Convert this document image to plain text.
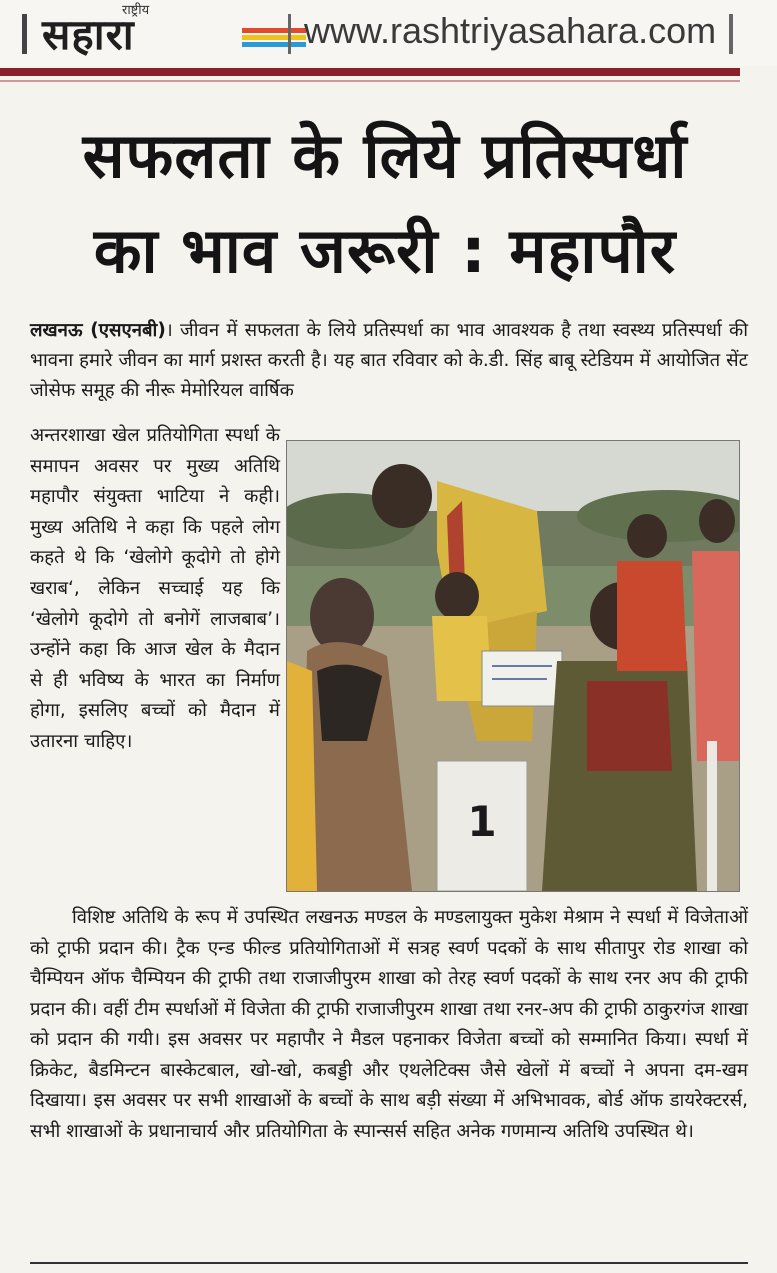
राष्ट्रीय
सहारा	www.rashtriyasahara.com
सफलता के लिये प्रतिस्पर्धा
का भाव जरूरी : महापौर
लखनऊ (एसएनबी)। जीवन में सफलता के लिये प्रतिस्पर्धा का भाव आवश्यक है तथा स्वस्थ्य प्रतिस्पर्धा की भावना हमारे जीवन का मार्ग प्रशस्त करती है। यह बात रविवार को के.डी. सिंह बाबू स्टेडियम में आयोजित सेंट जोसेफ समूह की नीरू मेमोरियल वार्षिक
अन्तरशाखा खेल प्रतियोगिता स्पर्धा के समापन अवसर पर मुख्य अतिथि महापौर संयुक्ता भाटिया ने कही। मुख्य अतिथि ने कहा कि पहले लोग कहते थे कि ‘खेलोगे कूदोगे तो होगे खराब‘, लेकिन सच्चाई यह कि ‘खेलोगे कूदोगे तो बनोगें लाजबाब’। उन्होंने कहा कि आज खेल के मैदान से ही भविष्य के भारत का निर्माण होगा, इसलिए बच्चों को मैदान में उतारना चाहिए।
1
विशिष्ट अतिथि के रूप में उपस्थित लखनऊ मण्डल के मण्डलायुक्त मुकेश मेश्राम ने स्पर्धा में विजेताओं को ट्राफी प्रदान की। ट्रैक एन्ड फील्ड प्रतियोगिताओं में सत्रह स्वर्ण पदकों के साथ सीतापुर रोड शाखा को चैम्पियन ऑफ चैम्पियन की ट्राफी तथा राजाजीपुरम शाखा को तेरह स्वर्ण पदकों के साथ रनर अप की ट्राफी प्रदान की। वहीं टीम स्पर्धाओं में विजेता की ट्राफी राजाजीपुरम शाखा तथा रनर-अप की ट्राफी ठाकुरगंज शाखा को प्रदान की गयी। इस अवसर पर महापौर ने मैडल पहनाकर विजेता बच्चों को सम्मानित किया। स्पर्धा में क्रिकेट, बैडमिन्टन बास्केटबाल, खो-खो, कबड्डी और एथलेटिक्स जैसे खेलों में बच्चों ने अपना दम-खम दिखाया। इस अवसर पर सभी शाखाओं के बच्चों के साथ बड़ी संख्या में अभिभावक, बोर्ड ऑफ डायरेक्टरर्स, सभी शाखाओं के प्रधानाचार्य और प्रतियोगिता के स्पान्सर्स सहित अनेक गणमान्य अतिथि उपस्थित थे।
